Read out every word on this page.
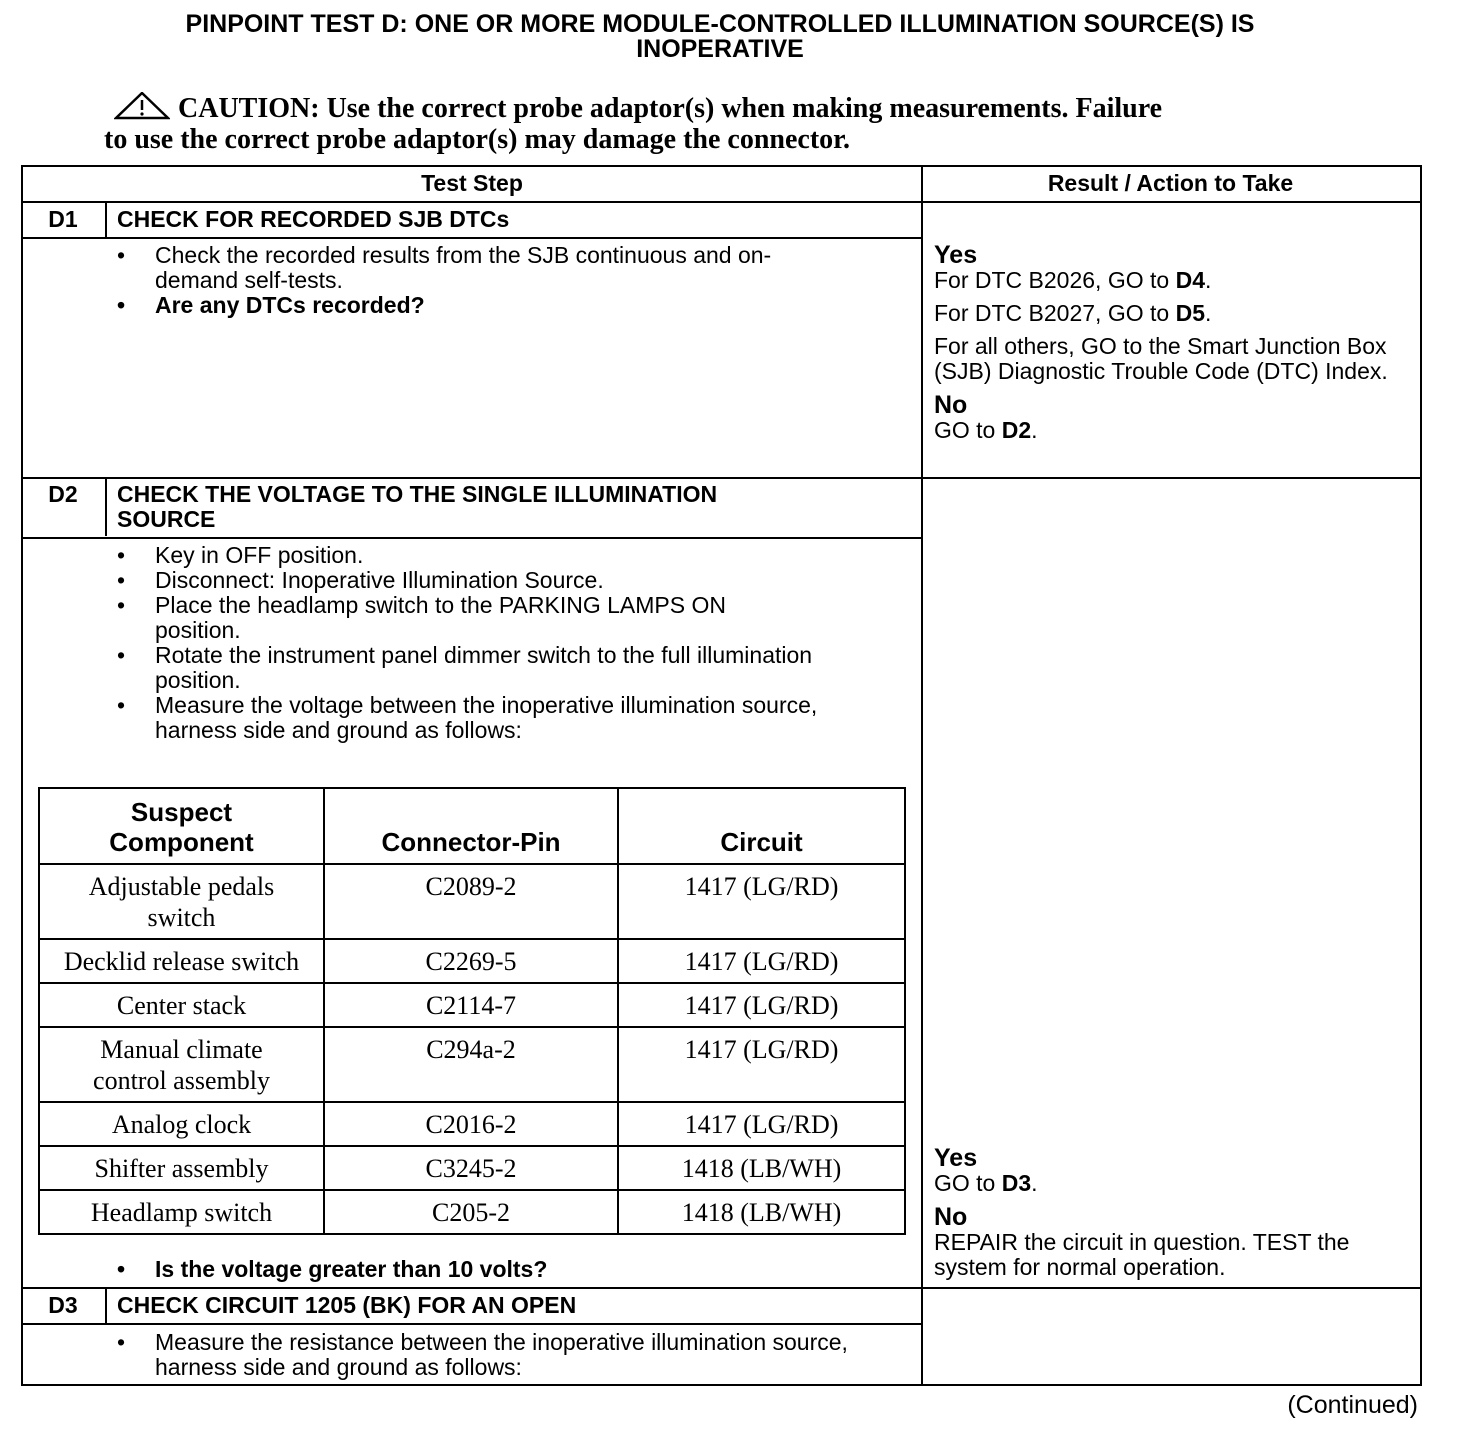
PINPOINT TEST D: ONE OR MORE MODULE-CONTROLLED ILLUMINATION SOURCE(S) IS
INOPERATIVE
CAUTION: Use the correct probe adaptor(s) when making measurements. Failure
to use the correct probe adaptor(s) may damage the connector.
Test Step	Result / Action to Take
D1	CHECK FOR RECORDED SJB DTCs
• Check the recorded results from the SJB continuous and on-demand self-tests.
• Are any DTCs recorded?

Yes

For DTC B2026, GO to D4.

For DTC B2027, GO to D5.

For all others, GO to the Smart Junction Box (SJB) Diagnostic Trouble Code (DTC) Index.

No

GO to D2.

D2	CHECK THE VOLTAGE TO THE SINGLE ILLUMINATION
SOURCE
• Key in OFF position.
• Disconnect: Inoperative Illumination Source.
• Place the headlamp switch to the PARKING LAMPS ON position.
• Rotate the instrument panel dimmer switch to the full illumination position.
• Measure the voltage between the inoperative illumination source, harness side and ground as follows:
Suspect
Component	Connector-Pin	Circuit
Adjustable pedals switch	C2089-2	1417 (LG/RD)
Decklid release switch	C2269-5	1417 (LG/RD)
Center stack	C2114-7	1417 (LG/RD)
Manual climate control assembly	C294a-2	1417 (LG/RD)
Analog clock	C2016-2	1417 (LG/RD)
Shifter assembly	C3245-2	1418 (LB/WH)
Headlamp switch	C205-2	1418 (LB/WH)
• Is the voltage greater than 10 volts?

Yes

GO to D3.

No

REPAIR the circuit in question. TEST the system for normal operation.

D3	CHECK CIRCUIT 1205 (BK) FOR AN OPEN
• Measure the resistance between the inoperative illumination source, harness side and ground as follows:
(Continued)
